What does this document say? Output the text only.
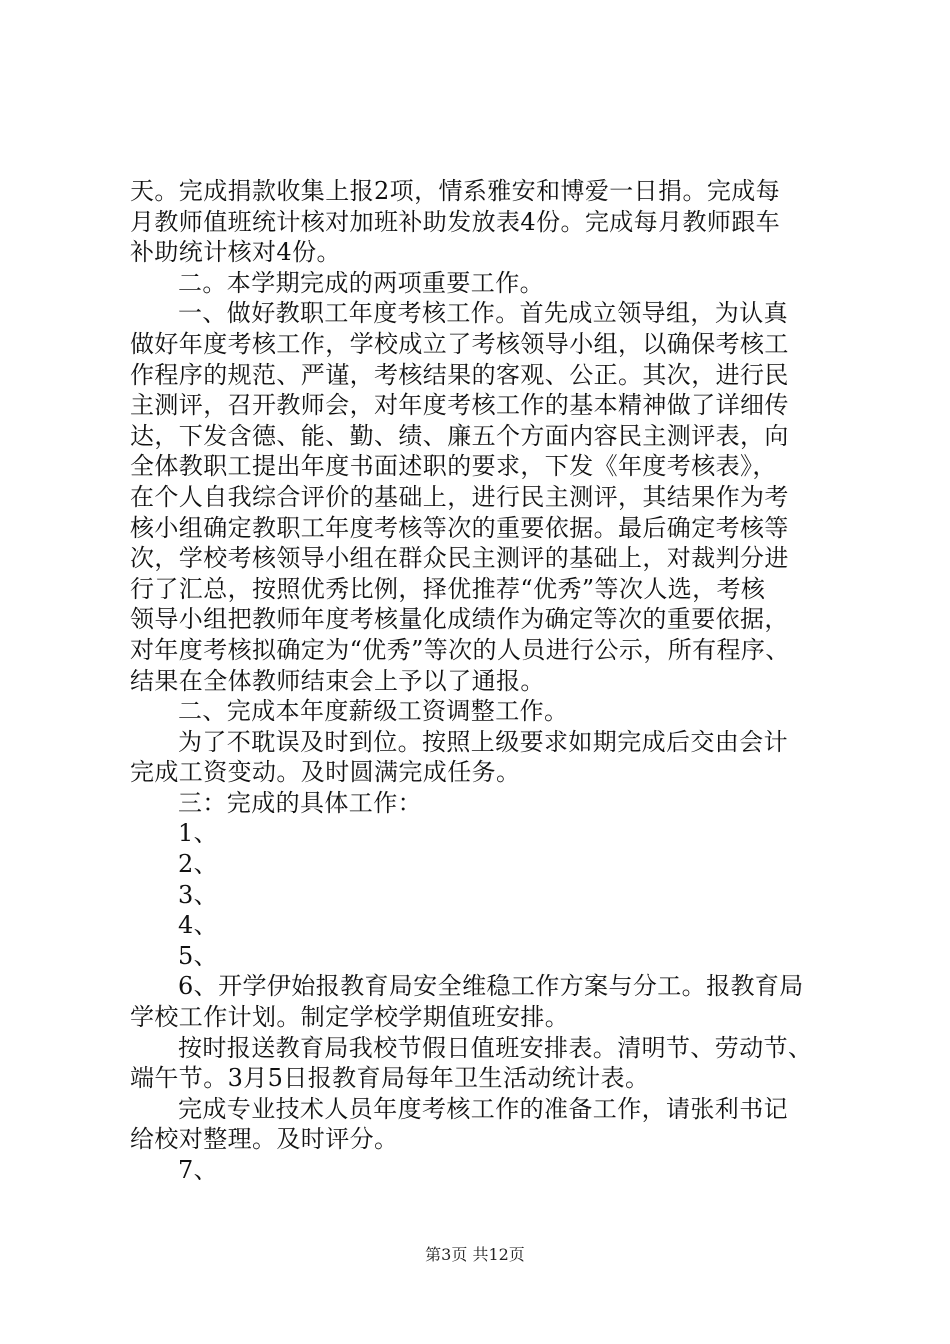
天。完成捐款收集上报2项，情系雅安和博爱一日捐。完成每
月教师值班统计核对加班补助发放表4份。完成每月教师跟车
补助统计核对4份。
二。本学期完成的两项重要工作。
一、做好教职工年度考核工作。首先成立领导组，为认真
做好年度考核工作，学校成立了考核领导小组，以确保考核工
作程序的规范、严谨，考核结果的客观、公正。其次，进行民
主测评，召开教师会，对年度考核工作的基本精神做了详细传
达，下发含德、能、勤、绩、廉五个方面内容民主测评表，向
全体教职工提出年度书面述职的要求，下发《年度考核表》，
在个人自我综合评价的基础上，进行民主测评，其结果作为考
核小组确定教职工年度考核等次的重要依据。最后确定考核等
次，学校考核领导小组在群众民主测评的基础上，对裁判分进
行了汇总，按照优秀比例，择优推荐“优秀”等次人选，考核
领导小组把教师年度考核量化成绩作为确定等次的重要依据，
对年度考核拟确定为“优秀”等次的人员进行公示，所有程序、
结果在全体教师结束会上予以了通报。
二、完成本年度薪级工资调整工作。
为了不耽误及时到位。按照上级要求如期完成后交由会计
完成工资变动。及时圆满完成任务。
三：完成的具体工作：
1、
2、
3、
4、
5、
6、开学伊始报教育局安全维稳工作方案与分工。报教育局
学校工作计划。制定学校学期值班安排。
按时报送教育局我校节假日值班安排表。清明节、劳动节、
端午节。3月5日报教育局每年卫生活动统计表。
完成专业技术人员年度考核工作的准备工作，请张利书记
给校对整理。及时评分。
7、
第3页 共12页
